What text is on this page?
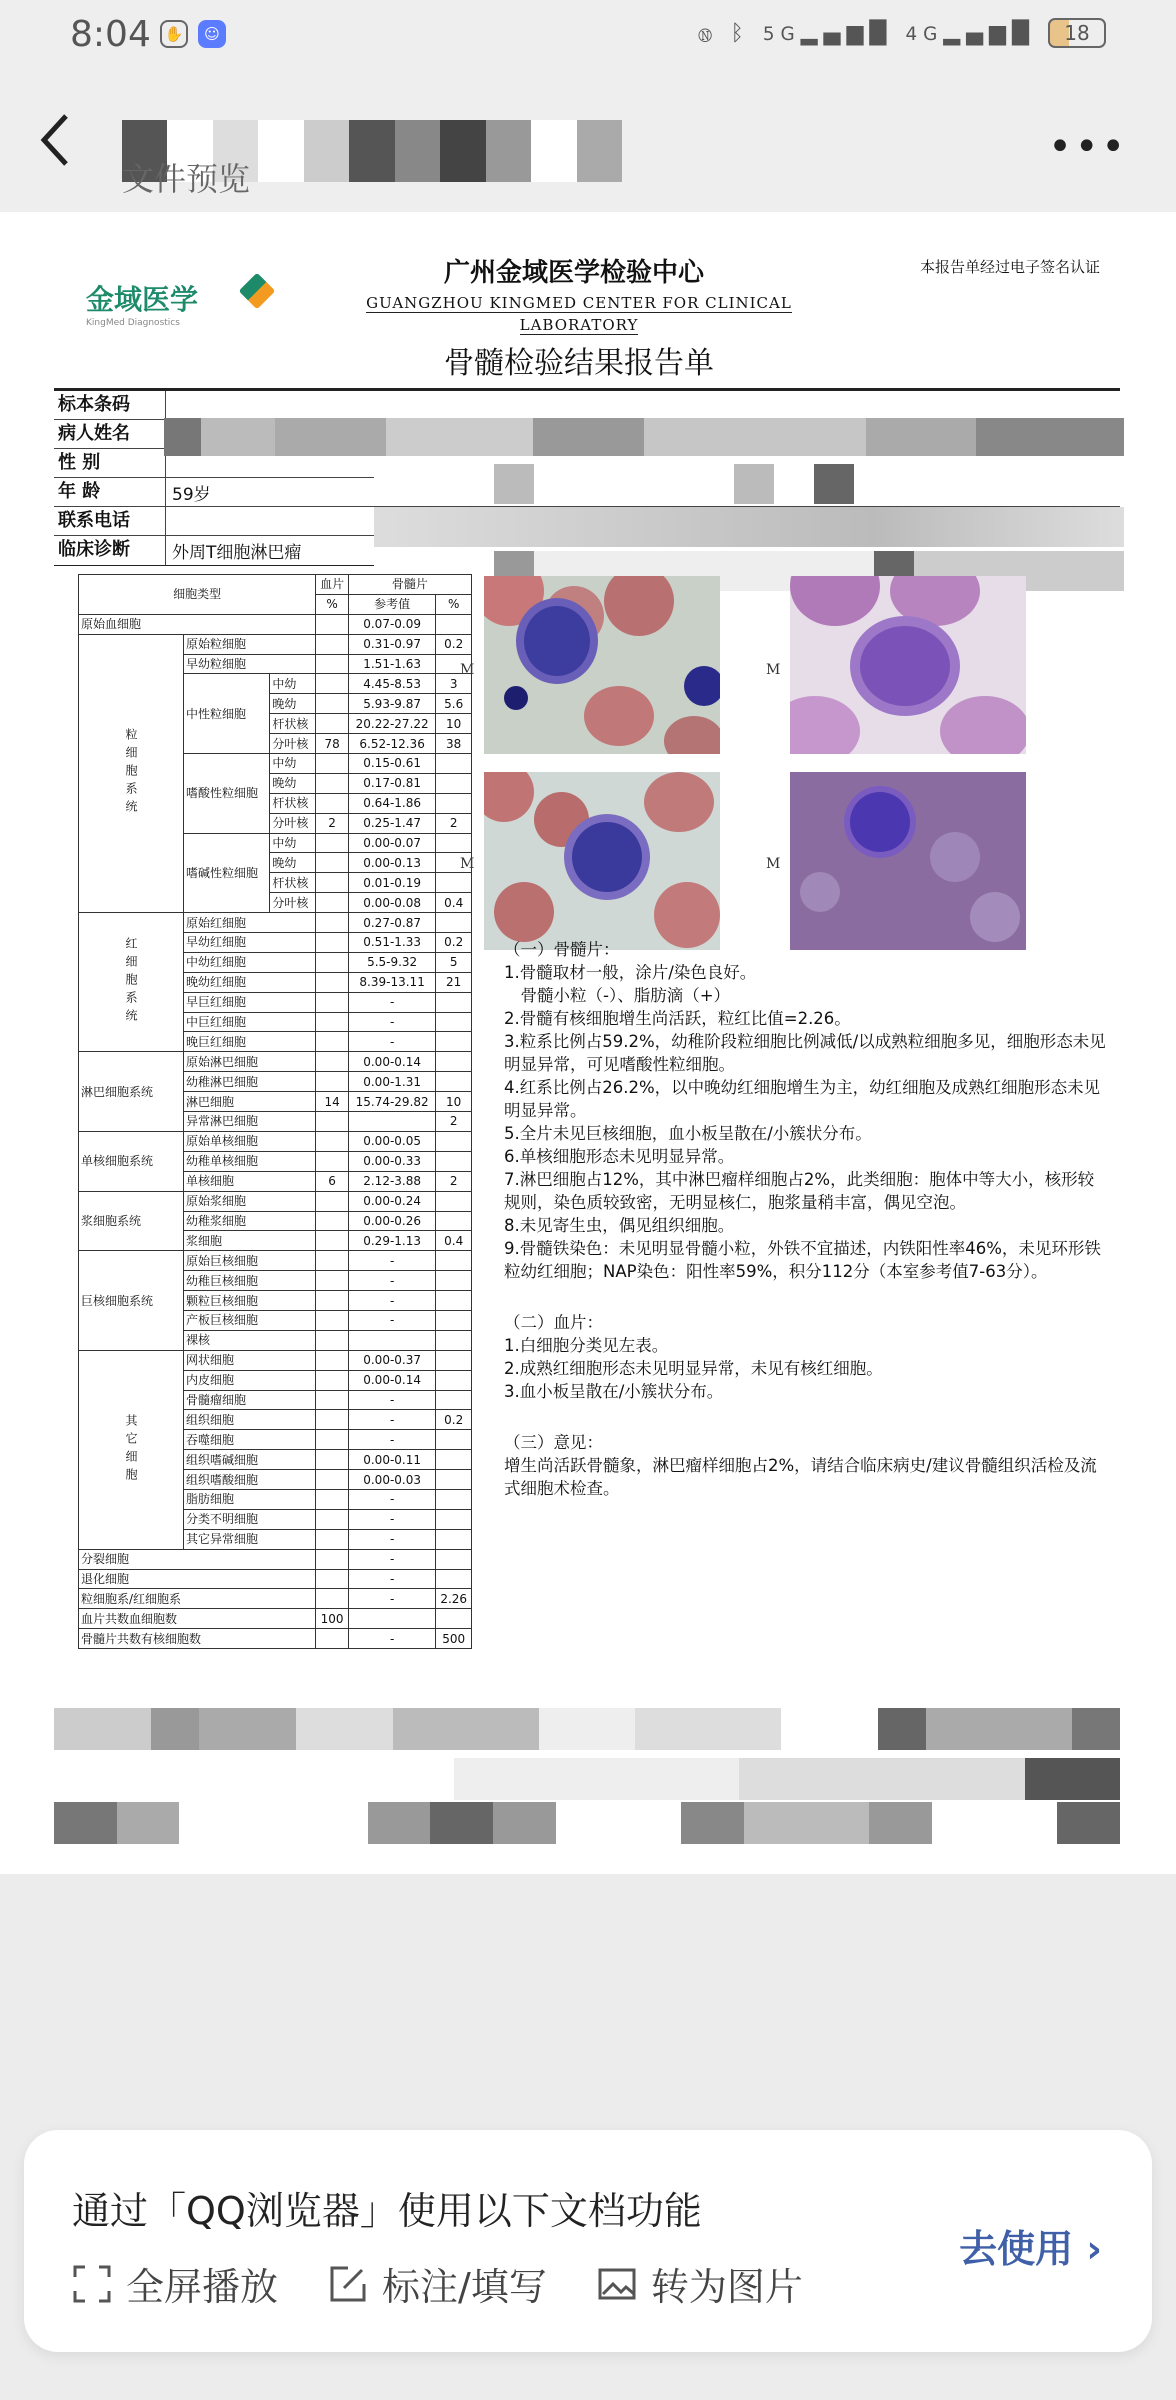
8:04 ✋	☺	Ⓝ ᛒ 5G▂▄▆█ 4G▂▄▆█ 18
文件预览
•••
金域医学
KingMed Diagnostics
广州金域医学检验中心
GUANGZHOU KINGMED CENTER FOR CLINICAL
LABORATORY
本报告单经过电子签名认证
骨髓检验结果报告单
标本条码
病人姓名
性 别
年 龄	59岁
联系电话
临床诊断	外周T细胞淋巴瘤
细胞类型			血片	骨髓片	
			%	参考值	%
原始血细胞				0.07-0.09	
粒细胞系统	原始粒细胞			0.31-0.97	0.2
	早幼粒细胞			1.51-1.63	
	中性粒细胞	中幼		4.45-8.53	3
		晚幼		5.93-9.87	5.6
		杆状核		20.22-27.22	10
		分叶核	78	6.52-12.36	38
	嗜酸性粒细胞	中幼		0.15-0.61	
		晚幼		0.17-0.81	
		杆状核		0.64-1.86	
		分叶核	2	0.25-1.47	2
	嗜碱性粒细胞	中幼		0.00-0.07	
		晚幼		0.00-0.13	
		杆状核		0.01-0.19	
		分叶核		0.00-0.08	0.4
红细胞系统	原始红细胞			0.27-0.87	
	早幼红细胞			0.51-1.33	0.2
	中幼红细胞			5.5-9.32	5
	晚幼红细胞			8.39-13.11	21
	早巨红细胞			-	
	中巨红细胞			-	
	晚巨红细胞			-	
淋巴细胞系统	原始淋巴细胞			0.00-0.14	
	幼稚淋巴细胞			0.00-1.31	
	淋巴细胞		14	15.74-29.82	10
	异常淋巴细胞				2
单核细胞系统	原始单核细胞			0.00-0.05	
	幼稚单核细胞			0.00-0.33	
	单核细胞		6	2.12-3.88	2
浆细胞系统	原始浆细胞			0.00-0.24	
	幼稚浆细胞			0.00-0.26	
	浆细胞			0.29-1.13	0.4
巨核细胞系统	原始巨核细胞			-	
	幼稚巨核细胞			-	
	颗粒巨核细胞			-	
	产板巨核细胞			-	
	裸核				
其它细胞	网状细胞			0.00-0.37	
	内皮细胞			0.00-0.14	
	骨髓瘤细胞			-	
	组织细胞			-	0.2
	吞噬细胞			-	
	组织嗜碱细胞			0.00-0.11	
	组织嗜酸细胞			0.00-0.03	
	脂肪细胞			-	
	分类不明细胞			-	
	其它异常细胞			-	
分裂细胞				-	
退化细胞				-	
粒细胞系/红细胞系				-	2.26
血片共数血细胞数			100		
骨髓片共数有核细胞数				-	500
M
M
M
M

（一）骨髓片：

1.骨髓取材一般，涂片/染色良好。

　骨髓小粒（-）、脂肪滴（+）

2.骨髓有核细胞增生尚活跃，粒红比值=2.26。

3.粒系比例占59.2%，幼稚阶段粒细胞比例减低/以成熟粒细胞多见，细胞形态未见明显异常，可见嗜酸性粒细胞。

4.红系比例占26.2%，以中晚幼红细胞增生为主，幼红细胞及成熟红细胞形态未见明显异常。

5.全片未见巨核细胞，血小板呈散在/小簇状分布。

6.单核细胞形态未见明显异常。

7.淋巴细胞占12%，其中淋巴瘤样细胞占2%，此类细胞：胞体中等大小，核形较规则，染色质较致密，无明显核仁，胞浆量稍丰富，偶见空泡。

8.未见寄生虫，偶见组织细胞。

9.骨髓铁染色：未见明显骨髓小粒，外铁不宜描述，内铁阳性率46%，未见环形铁粒幼红细胞；NAP染色：阳性率59%，积分112分（本室参考值7-63分）。

（二）血片：

1.白细胞分类见左表。

2.成熟红细胞形态未见明显异常，未见有核红细胞。

3.血小板呈散在/小簇状分布。

（三）意见：

增生尚活跃骨髓象，淋巴瘤样细胞占2%，请结合临床病史/建议骨髓组织活检及流式细胞术检查。

通过「QQ浏览器」使用以下文档功能
全屏播放	标注/填写	转为图片
去使用 ›
